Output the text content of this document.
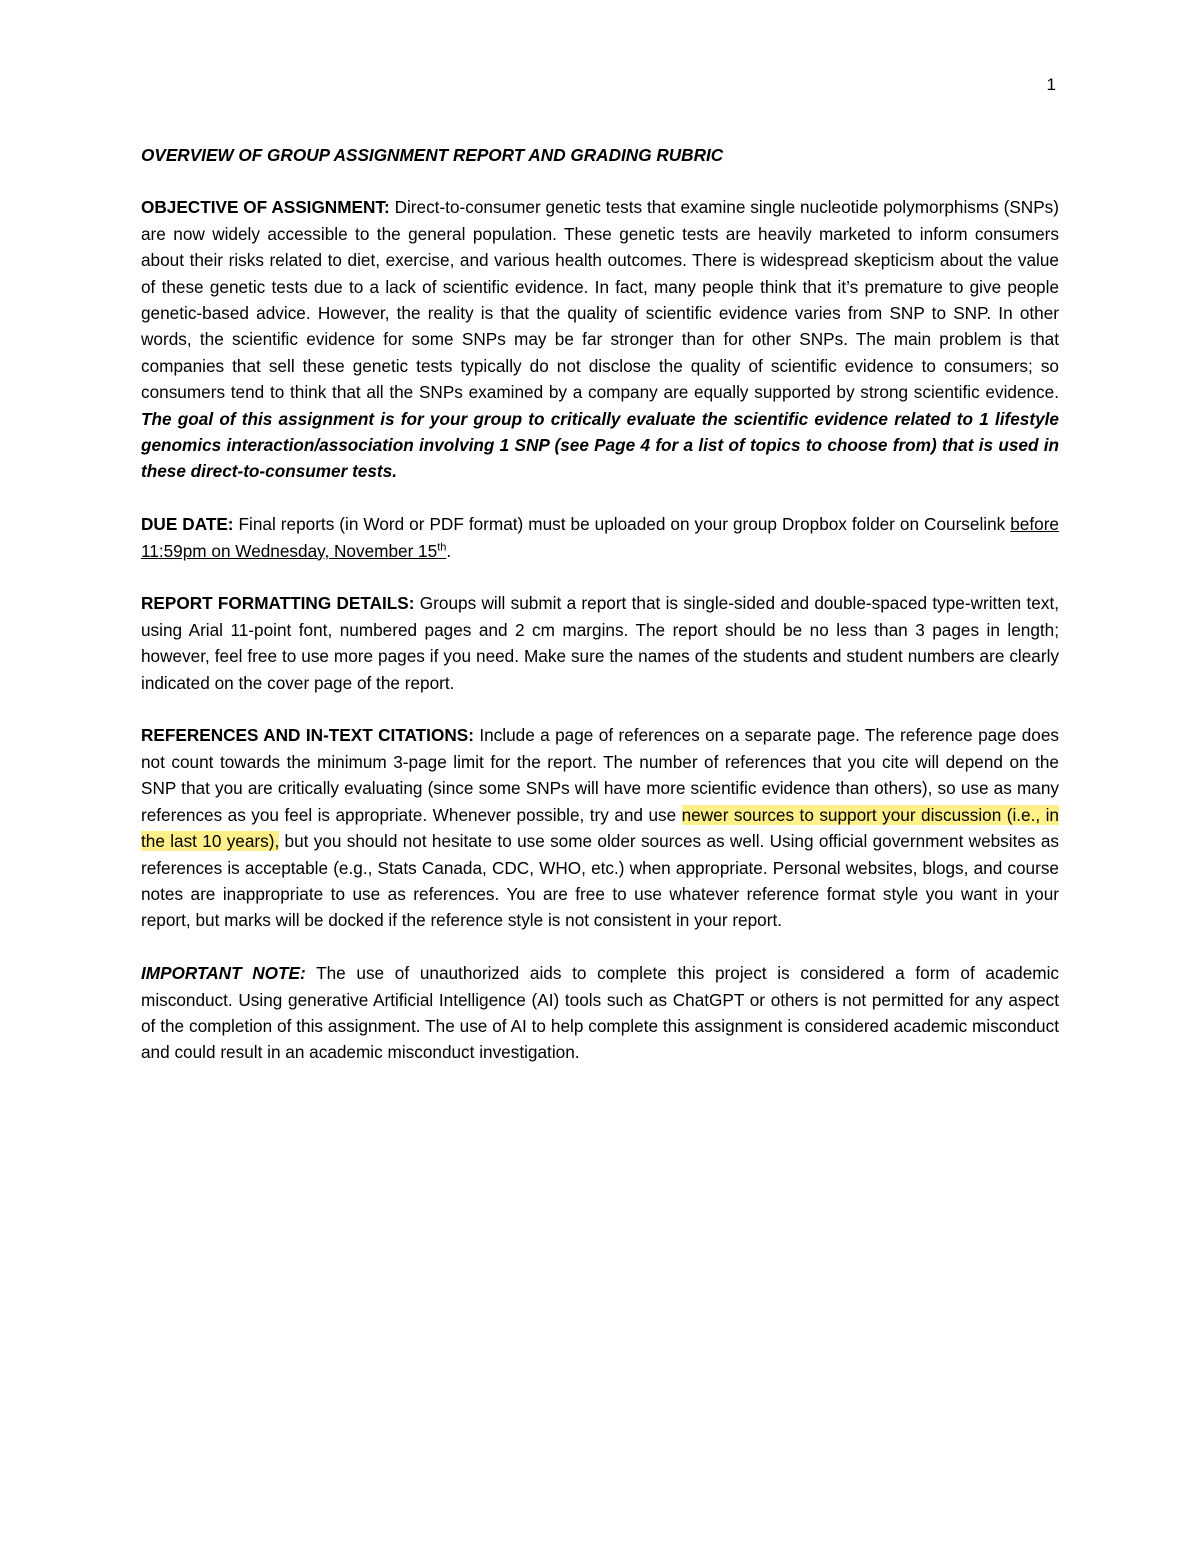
1
OVERVIEW OF GROUP ASSIGNMENT REPORT AND GRADING RUBRIC

OBJECTIVE OF ASSIGNMENT: Direct-to-consumer genetic tests that examine single nucleotide polymorphisms (SNPs) are now widely accessible to the general population. These genetic tests are heavily marketed to inform consumers about their risks related to diet, exercise, and various health outcomes. There is widespread skepticism about the value of these genetic tests due to a lack of scientific evidence. In fact, many people think that it’s premature to give people genetic-based advice. However, the reality is that the quality of scientific evidence varies from SNP to SNP. In other words, the scientific evidence for some SNPs may be far stronger than for other SNPs. The main problem is that companies that sell these genetic tests typically do not disclose the quality of scientific evidence to consumers; so consumers tend to think that all the SNPs examined by a company are equally supported by strong scientific evidence. The goal of this assignment is for your group to critically evaluate the scientific evidence related to 1 lifestyle genomics interaction/association involving 1 SNP (see Page 4 for a list of topics to choose from) that is used in these direct-to-consumer tests.

DUE DATE: Final reports (in Word or PDF format) must be uploaded on your group Dropbox folder on Courselink before 11:59pm on Wednesday, November 15th.

REPORT FORMATTING DETAILS: Groups will submit a report that is single-sided and double-spaced type-written text, using Arial 11-point font, numbered pages and 2 cm margins. The report should be no less than 3 pages in length; however, feel free to use more pages if you need. Make sure the names of the students and student numbers are clearly indicated on the cover page of the report.

REFERENCES AND IN-TEXT CITATIONS: Include a page of references on a separate page. The reference page does not count towards the minimum 3-page limit for the report. The number of references that you cite will depend on the SNP that you are critically evaluating (since some SNPs will have more scientific evidence than others), so use as many references as you feel is appropriate. Whenever possible, try and use newer sources to support your discussion (i.e., in the last 10 years), but you should not hesitate to use some older sources as well. Using official government websites as references is acceptable (e.g., Stats Canada, CDC, WHO, etc.) when appropriate. Personal websites, blogs, and course notes are inappropriate to use as references. You are free to use whatever reference format style you want in your report, but marks will be docked if the reference style is not consistent in your report.

IMPORTANT NOTE: The use of unauthorized aids to complete this project is considered a form of academic misconduct. Using generative Artificial Intelligence (AI) tools such as ChatGPT or others is not permitted for any aspect of the completion of this assignment. The use of AI to help complete this assignment is considered academic misconduct and could result in an academic misconduct investigation.
